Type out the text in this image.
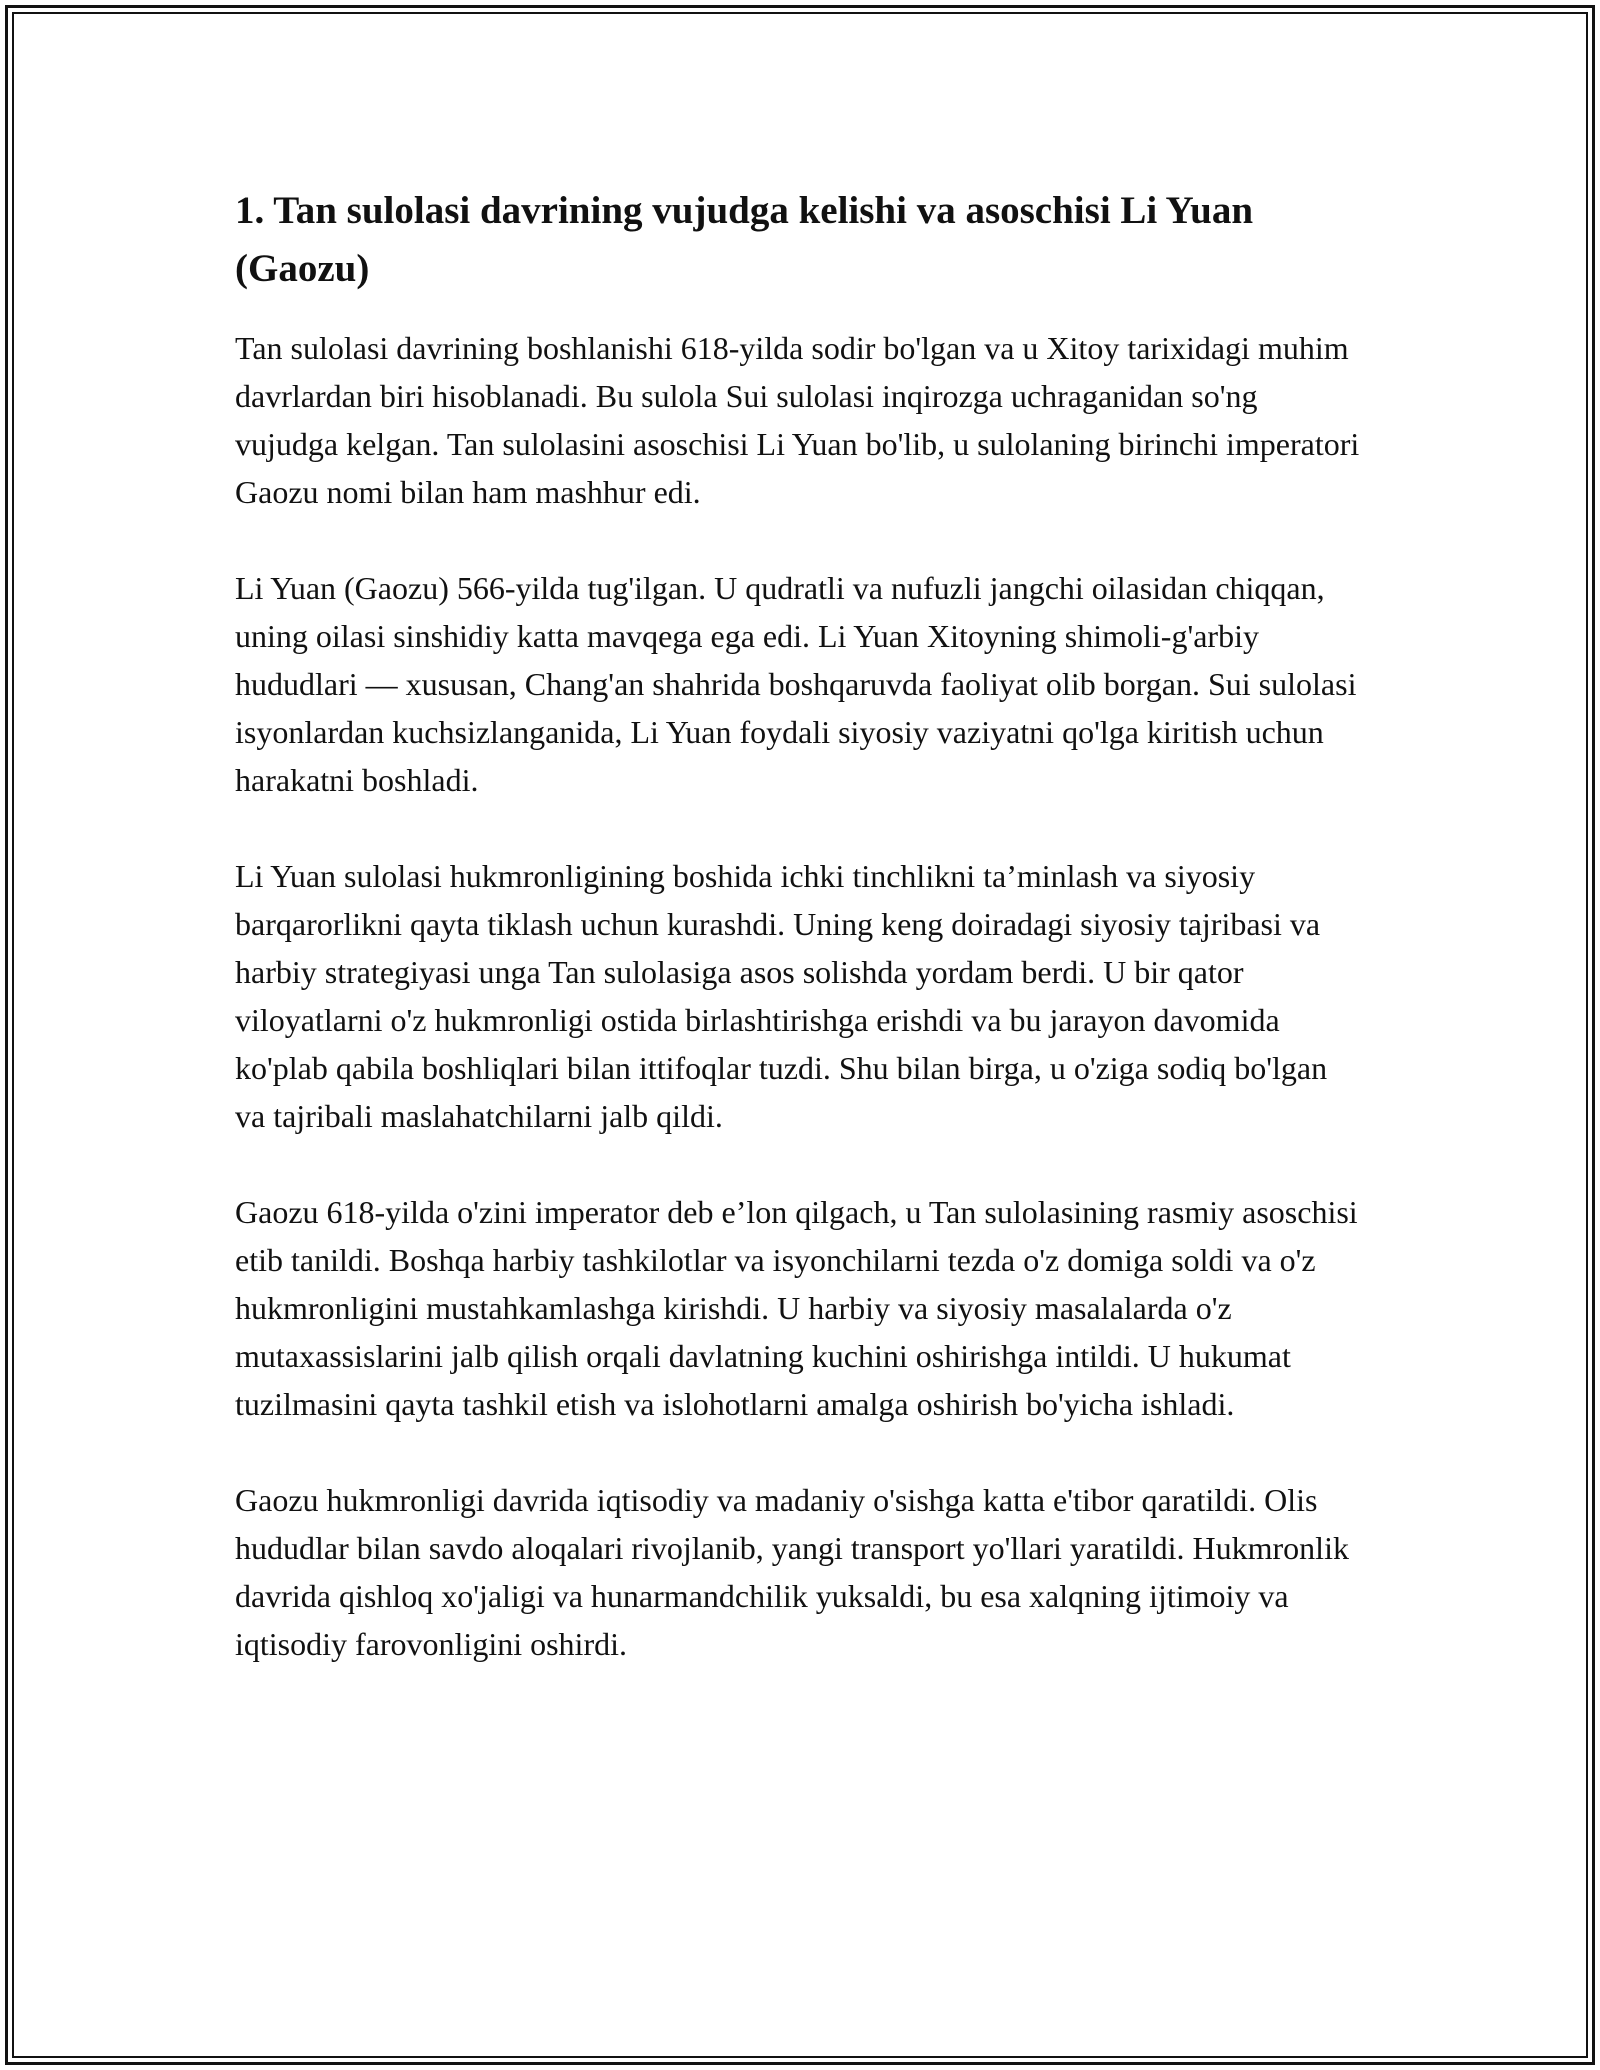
1. Tan sulolasi davrining vujudga kelishi va asoschisi Li Yuan (Gaozu)

Tan sulolasi davrining boshlanishi 618-yilda sodir bo'lgan va u Xitoy tarixidagi muhim davrlardan biri hisoblanadi. Bu sulola Sui sulolasi inqirozga uchraganidan so'ng vujudga kelgan. Tan sulolasini asoschisi Li Yuan bo'lib, u sulolaning birinchi imperatori Gaozu nomi bilan ham mashhur edi.

Li Yuan (Gaozu) 566-yilda tug'ilgan. U qudratli va nufuzli jangchi oilasidan chiqqan, uning oilasi sinshidiy katta mavqega ega edi. Li Yuan Xitoyning shimoli-g'arbiy hududlari — xususan, Chang'an shahrida boshqaruvda faoliyat olib borgan. Sui sulolasi isyonlardan kuchsizlanganida, Li Yuan foydali siyosiy vaziyatni qo'lga kiritish uchun harakatni boshladi.

Li Yuan sulolasi hukmronligining boshida ichki tinchlikni ta’minlash va siyosiy barqarorlikni qayta tiklash uchun kurashdi. Uning keng doiradagi siyosiy tajribasi va harbiy strategiyasi unga Tan sulolasiga asos solishda yordam berdi. U bir qator viloyatlarni o'z hukmronligi ostida birlashtirishga erishdi va bu jarayon davomida ko'plab qabila boshliqlari bilan ittifoqlar tuzdi. Shu bilan birga, u o'ziga sodiq bo'lgan va tajribali maslahatchilarni jalb qildi.

Gaozu 618-yilda o'zini imperator deb e’lon qilgach, u Tan sulolasining rasmiy asoschisi etib tanildi. Boshqa harbiy tashkilotlar va isyonchilarni tezda o'z domiga soldi va o'z hukmronligini mustahkamlashga kirishdi. U harbiy va siyosiy masalalarda o'z mutaxassislarini jalb qilish orqali davlatning kuchini oshirishga intildi. U hukumat tuzilmasini qayta tashkil etish va islohotlarni amalga oshirish bo'yicha ishladi.

Gaozu hukmronligi davrida iqtisodiy va madaniy o'sishga katta e'tibor qaratildi. Olis hududlar bilan savdo aloqalari rivojlanib, yangi transport yo'llari yaratildi. Hukmronlik davrida qishloq xo'jaligi va hunarmandchilik yuksaldi, bu esa xalqning ijtimoiy va iqtisodiy farovonligini oshirdi.
